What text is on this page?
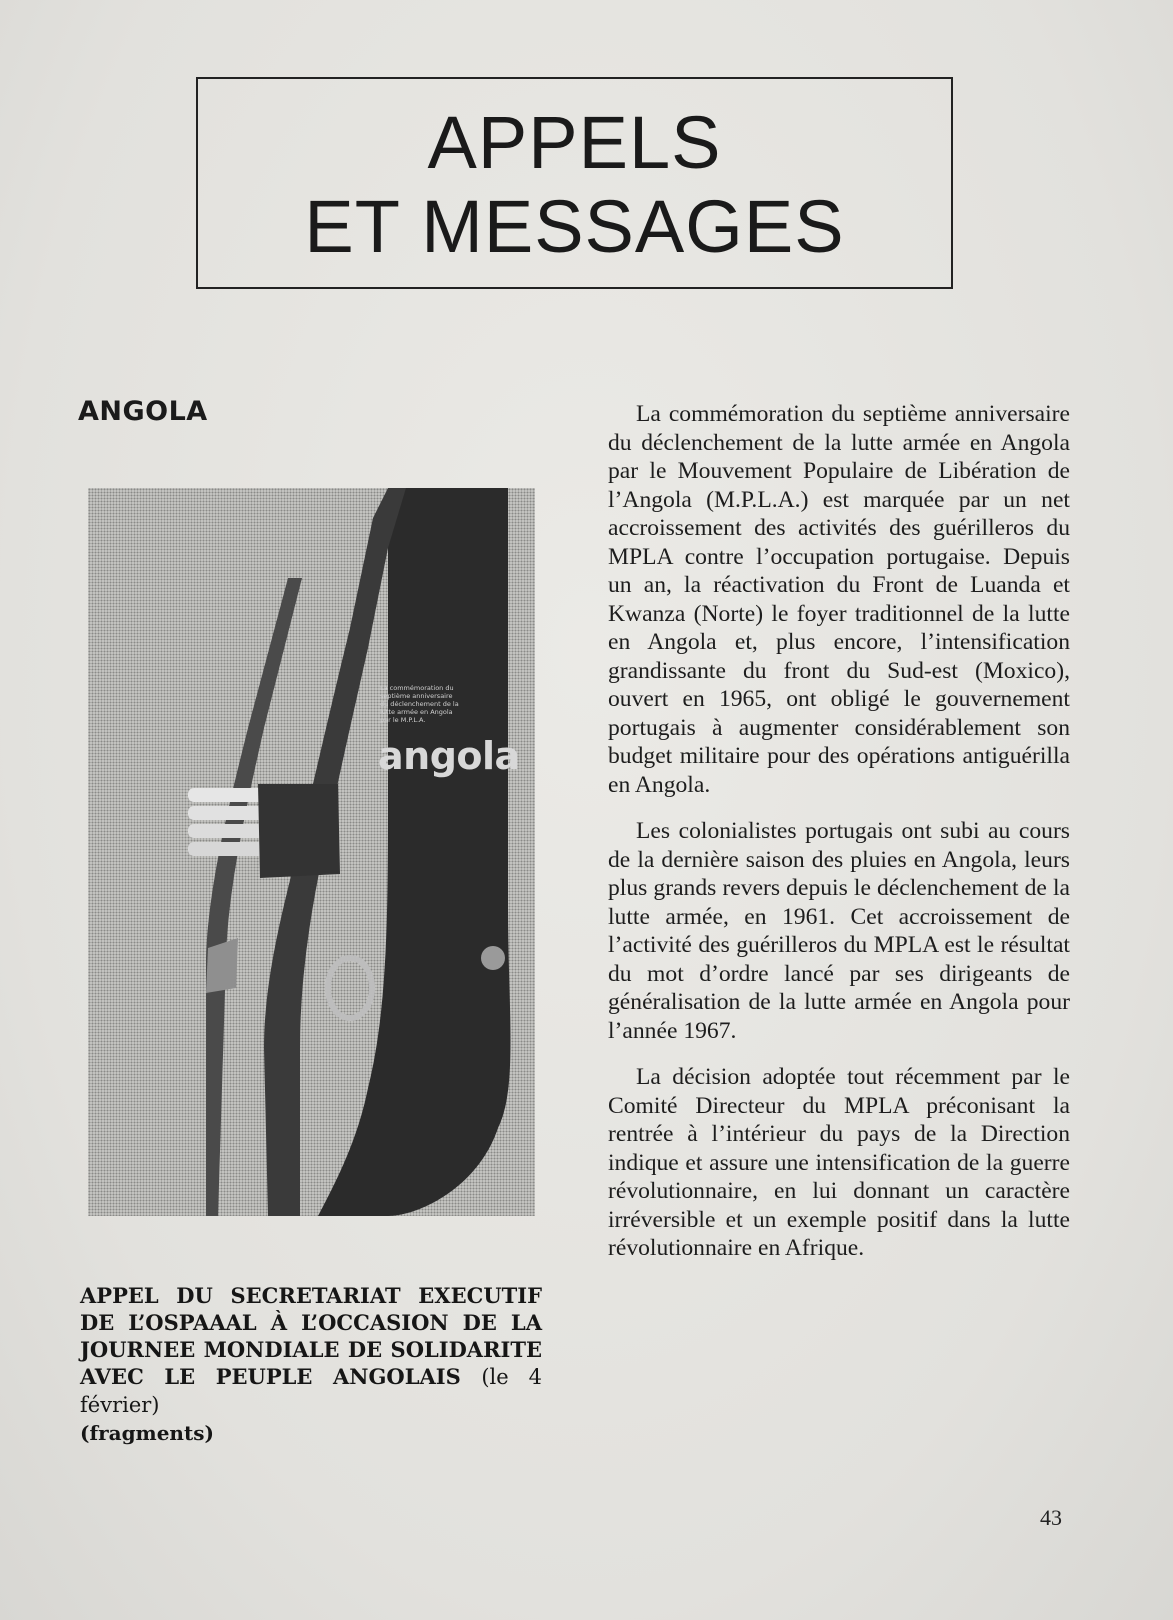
APPELS
ET MESSAGES
ANGOLA
La commémoration du
septième anniversaire
du déclenchement de la
lutte armée en Angola
par le M.P.L.A.
angola
APPEL DU SECRETARIAT EXECUTIF DE L’OSPAAAL À L’OCCASION DE LA JOURNEE MONDIALE DE SOLIDARITE AVEC LE PEUPLE ANGOLAIS (le 4 février)
(fragments)

La commémoration du septième anniversaire du déclenchement de la lutte armée en Angola par le Mouvement Populaire de Libération de l’Angola (M.P.L.A.) est marquée par un net accroissement des activités des guérilleros du MPLA contre l’occupation portugaise. Depuis un an, la réactivation du Front de Luanda et Kwanza (Norte) le foyer traditionnel de la lutte en Angola et, plus encore, l’intensification grandissante du front du Sud-est (Moxico), ouvert en 1965, ont obligé le gouvernement portugais à augmenter considérablement son budget militaire pour des opérations antiguérilla en Angola.

Les colonialistes portugais ont subi au cours de la dernière saison des pluies en Angola, leurs plus grands revers depuis le déclenchement de la lutte armée, en 1961. Cet accroissement de l’activité des guérilleros du MPLA est le résultat du mot d’ordre lancé par ses dirigeants de généralisation de la lutte armée en Angola pour l’année 1967.

La décision adoptée tout récemment par le Comité Directeur du MPLA préconisant la rentrée à l’intérieur du pays de la Direction indique et assure une intensification de la guerre révolutionnaire, en lui donnant un caractère irréversible et un exemple positif dans la lutte révolutionnaire en Afrique.

43
